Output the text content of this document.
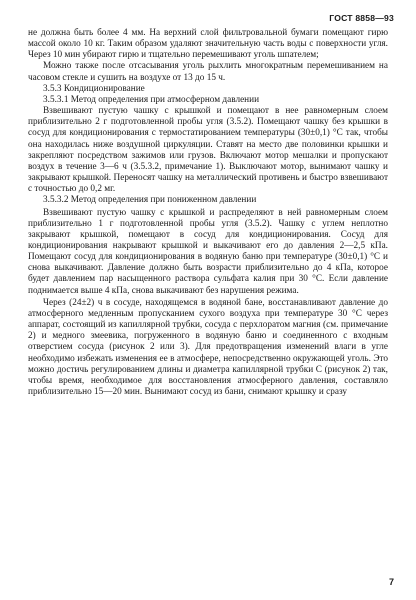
ГОСТ 8858—93

не должна быть более 4 мм. На верхний слой фильтровальной бумаги помещают гирю массой около 10 кг. Таким образом удаляют значительную часть воды с поверхности угля. Через 10 мин убирают гирю и тщательно перемешивают уголь шпателем;

Можно также после отсасывания уголь рыхлить многократным перемешиванием на часовом стекле и сушить на воздухе от 13 до 15 ч.

3.5.3 Кондиционирование

3.5.3.1 Метод определения при атмосферном давлении

Взвешивают пустую чашку с крышкой и помещают в нее равномерным слоем приблизительно 2 г подготовленной пробы угля (3.5.2). Помещают чашку без крышки в сосуд для кондиционирования с термостатированием температуры (30±0,1) °С так, чтобы она находилась ниже воздушной циркуляции. Ставят на место две половинки крышки и закрепляют посредством зажимов или грузов. Включают мотор мешалки и пропускают воздух в течение 3—6 ч (3.5.3.2, примечание 1). Выключают мотор, вынимают чашку и закрывают крышкой. Переносят чашку на металлический противень и быстро взвешивают с точностью до 0,2 мг.

3.5.3.2 Метод определения при пониженном давлении

Взвешивают пустую чашку с крышкой и распределяют в ней равномерным слоем приблизительно 1 г подготовленной пробы угля (3.5.2). Чашку с углем неплотно закрывают крышкой, помещают в сосуд для кондиционирования. Сосуд для кондиционирования накрывают крышкой и выкачивают его до давления 2—2,5 кПа. Помещают сосуд для кондиционирования в водяную баню при температуре (30±0,1) °С и снова выкачивают. Давление должно быть возрасти приблизительно до 4 кПа, которое будет давлением пар насыщенного раствора сульфата калия при 30 °С. Если давление поднимается выше 4 кПа, снова выкачивают без нарушения режима.

Через (24±2) ч в сосуде, находящемся в водяной бане, восстанавливают давление до атмосферного медленным пропусканием сухого воздуха при температуре 30 °С через аппарат, состоящий из капиллярной трубки, сосуда с перхлоратом магния (см. примечание 2) и медного змеевика, погруженного в водяную баню и соединенного с входным отверстием сосуда (рисунок 2 или 3). Для предотвращения изменений влаги в угле необходимо избежать изменения ее в атмосфере, непосредственно окружающей уголь. Это можно достичь регулированием длины и диаметра капиллярной трубки С (рисунок 2) так, чтобы время, необходимое для восстановления атмосферного давления, составляло приблизительно 15—20 мин. Вынимают сосуд из бани, снимают крышку и сразу

7
